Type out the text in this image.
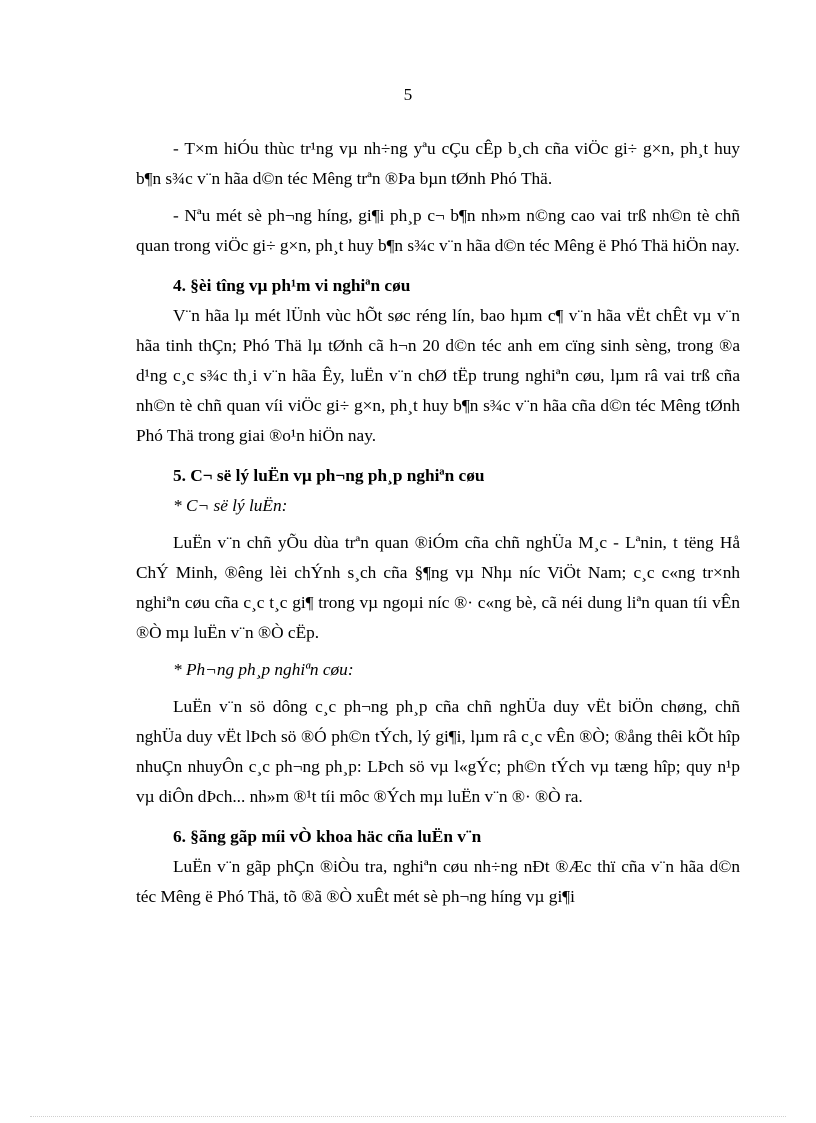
5

- T×m hiÓu thùc tr¹ng vµ nh÷ng yªu cÇu cÊp b¸ch cña viÖc gi÷ g×n, ph¸t huy b¶n s¾c v¨n hãa d©n téc Mêng trªn ®Þa bµn tØnh Phó Thä.

- Nªu mét sè ph¬ng híng, gi¶i ph¸p c¬ b¶n nh»m n©ng cao vai trß nh©n tè chñ quan trong viÖc gi÷ g×n, ph¸t huy b¶n s¾c v¨n hãa d©n téc Mêng ë Phó Thä hiÖn nay.

4. §èi tîng vµ ph¹m vi nghiªn cøu

V¨n hãa lµ mét lÜnh vùc hÕt søc réng lín, bao hµm c¶ v¨n hãa vËt chÊt vµ v¨n hãa tinh thÇn; Phó Thä lµ tØnh cã h¬n 20 d©n téc anh em cïng sinh sèng, trong ®a d¹ng c¸c s¾c th¸i v¨n hãa Êy, luËn v¨n chØ tËp trung nghiªn cøu, lµm râ vai trß cña nh©n tè chñ quan víi viÖc gi÷ g×n, ph¸t huy b¶n s¾c v¨n hãa cña d©n téc Mêng tØnh Phó Thä trong giai ®o¹n hiÖn nay.

5. C¬ së lý luËn vµ ph¬ng ph¸p nghiªn cøu

* C¬ së lý luËn:

LuËn v¨n chñ yÕu dùa trªn quan ®iÓm cña chñ nghÜa M¸c - Lªnin, t tëng Hå ChÝ Minh, ®êng lèi chÝnh s¸ch cña §¶ng vµ Nhµ níc ViÖt Nam; c¸c c«ng tr×nh nghiªn cøu cña c¸c t¸c gi¶ trong vµ ngoµi níc ®· c«ng bè, cã néi dung liªn quan tíi vÊn ®Ò mµ luËn v¨n ®Ò cËp.

* Ph¬ng ph¸p nghiªn cøu:

LuËn v¨n sö dông c¸c ph¬ng ph¸p cña chñ nghÜa duy vËt biÖn chøng, chñ nghÜa duy vËt lÞch sö ®Ó ph©n tÝch, lý gi¶i, lµm râ c¸c vÊn ®Ò; ®ång thêi kÕt hîp nhuÇn nhuyÔn c¸c ph¬ng ph¸p: LÞch sö vµ l«gÝc; ph©n tÝch vµ tæng hîp; quy n¹p vµ diÔn dÞch... nh»m ®¹t tíi môc ®Ých mµ luËn v¨n ®· ®Ò ra.

6. §ãng gãp míi vÒ khoa häc cña luËn v¨n

LuËn v¨n gãp phÇn ®iÒu tra, nghiªn cøu nh÷ng nÐt ®Æc thï cña v¨n hãa d©n téc Mêng ë Phó Thä, tõ ®ã ®Ò xuÊt mét sè ph¬ng híng vµ gi¶i
